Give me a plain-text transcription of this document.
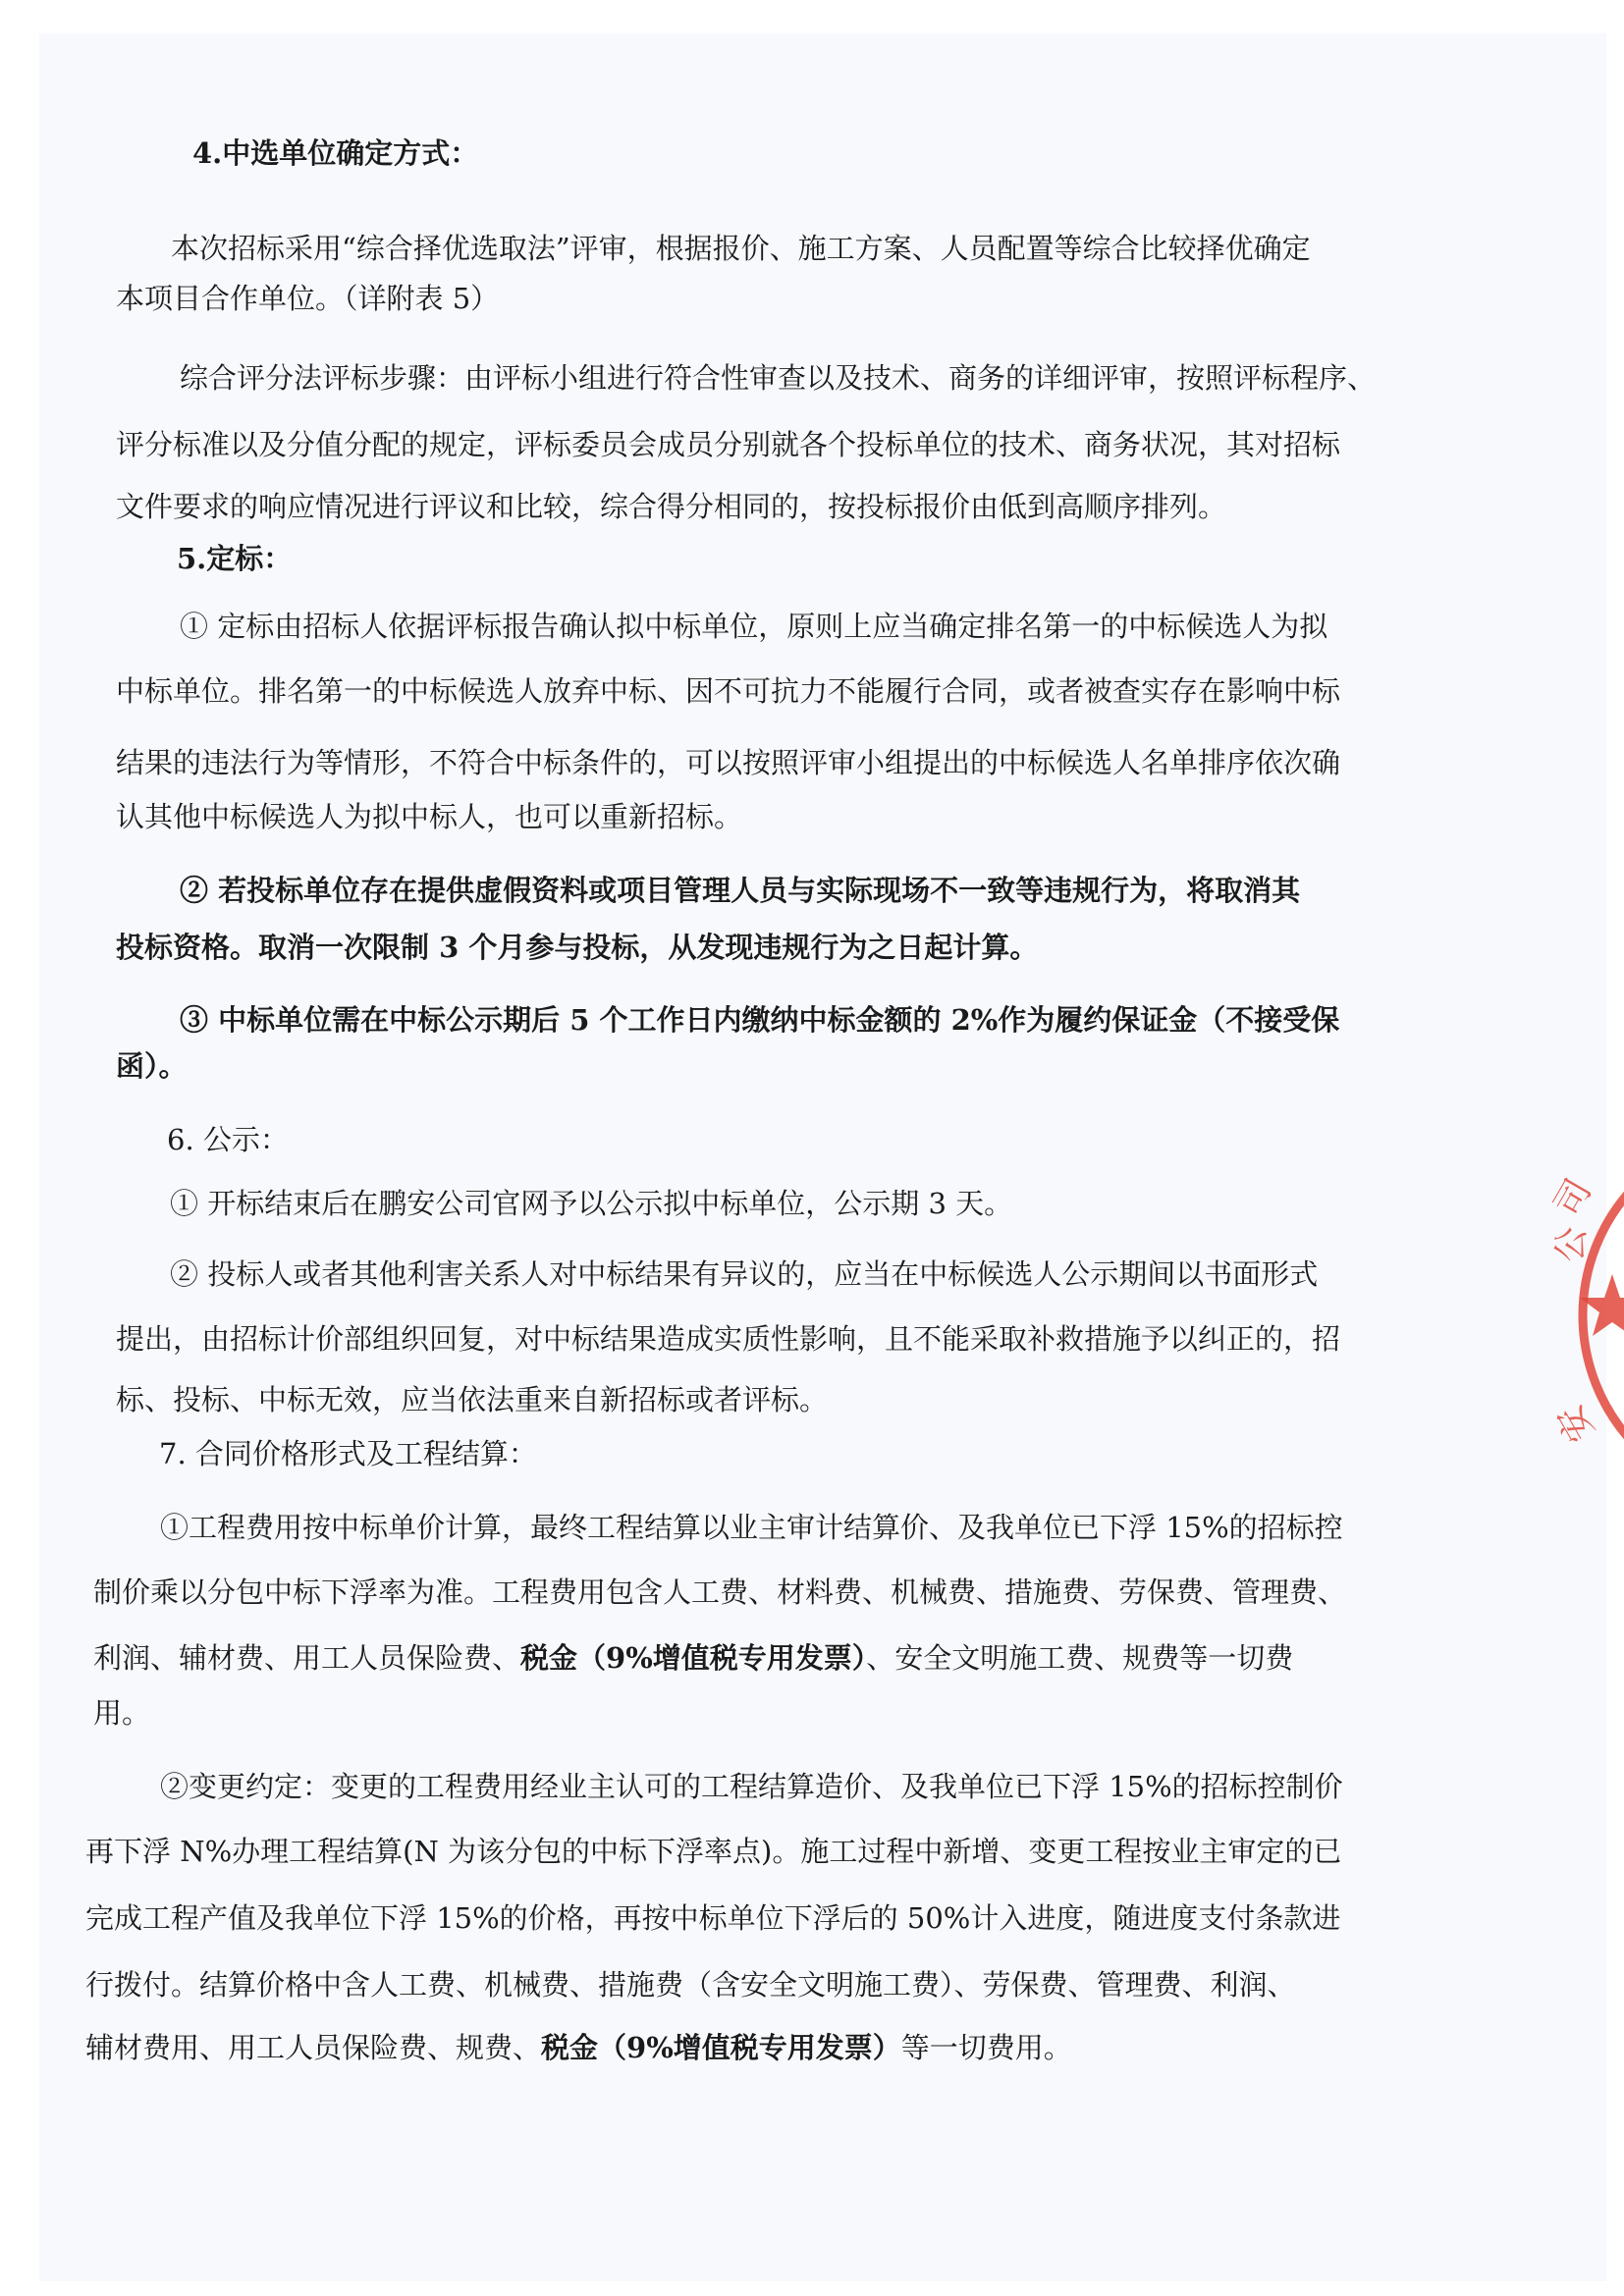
司
公
安

4.中选单位确定方式：

本次招标采用“综合择优选取法”评审，根据报价、施工方案、人员配置等综合比较择优确定

本项目合作单位。（详附表 5）

综合评分法评标步骤：由评标小组进行符合性审查以及技术、商务的详细评审，按照评标程序、

评分标准以及分值分配的规定，评标委员会成员分别就各个投标单位的技术、商务状况，其对招标

文件要求的响应情况进行评议和比较，综合得分相同的，按投标报价由低到高顺序排列。

5.定标：

① 定标由招标人依据评标报告确认拟中标单位，原则上应当确定排名第一的中标候选人为拟

中标单位。排名第一的中标候选人放弃中标、因不可抗力不能履行合同，或者被查实存在影响中标

结果的违法行为等情形，不符合中标条件的，可以按照评审小组提出的中标候选人名单排序依次确

认其他中标候选人为拟中标人，也可以重新招标。

② 若投标单位存在提供虚假资料或项目管理人员与实际现场不一致等违规行为，将取消其

投标资格。取消一次限制 3 个月参与投标，从发现违规行为之日起计算。

③ 中标单位需在中标公示期后 5 个工作日内缴纳中标金额的 2%作为履约保证金（不接受保

函）。

6. 公示：

① 开标结束后在鹏安公司官网予以公示拟中标单位，公示期 3 天。

② 投标人或者其他利害关系人对中标结果有异议的，应当在中标候选人公示期间以书面形式

提出，由招标计价部组织回复，对中标结果造成实质性影响，且不能采取补救措施予以纠正的，招

标、投标、中标无效，应当依法重来自新招标或者评标。

7. 合同价格形式及工程结算：

①工程费用按中标单价计算，最终工程结算以业主审计结算价、及我单位已下浮 15%的招标控

制价乘以分包中标下浮率为准。工程费用包含人工费、材料费、机械费、措施费、劳保费、管理费、

利润、辅材费、用工人员保险费、税金（9%增值税专用发票）、安全文明施工费、规费等一切费

用。

②变更约定：变更的工程费用经业主认可的工程结算造价、及我单位已下浮 15%的招标控制价

再下浮 N%办理工程结算(N 为该分包的中标下浮率点)。施工过程中新增、变更工程按业主审定的已

完成工程产值及我单位下浮 15%的价格，再按中标单位下浮后的 50%计入进度，随进度支付条款进

行拨付。结算价格中含人工费、机械费、措施费（含安全文明施工费）、劳保费、管理费、利润、

辅材费用、用工人员保险费、规费、税金（9%增值税专用发票）等一切费用。
